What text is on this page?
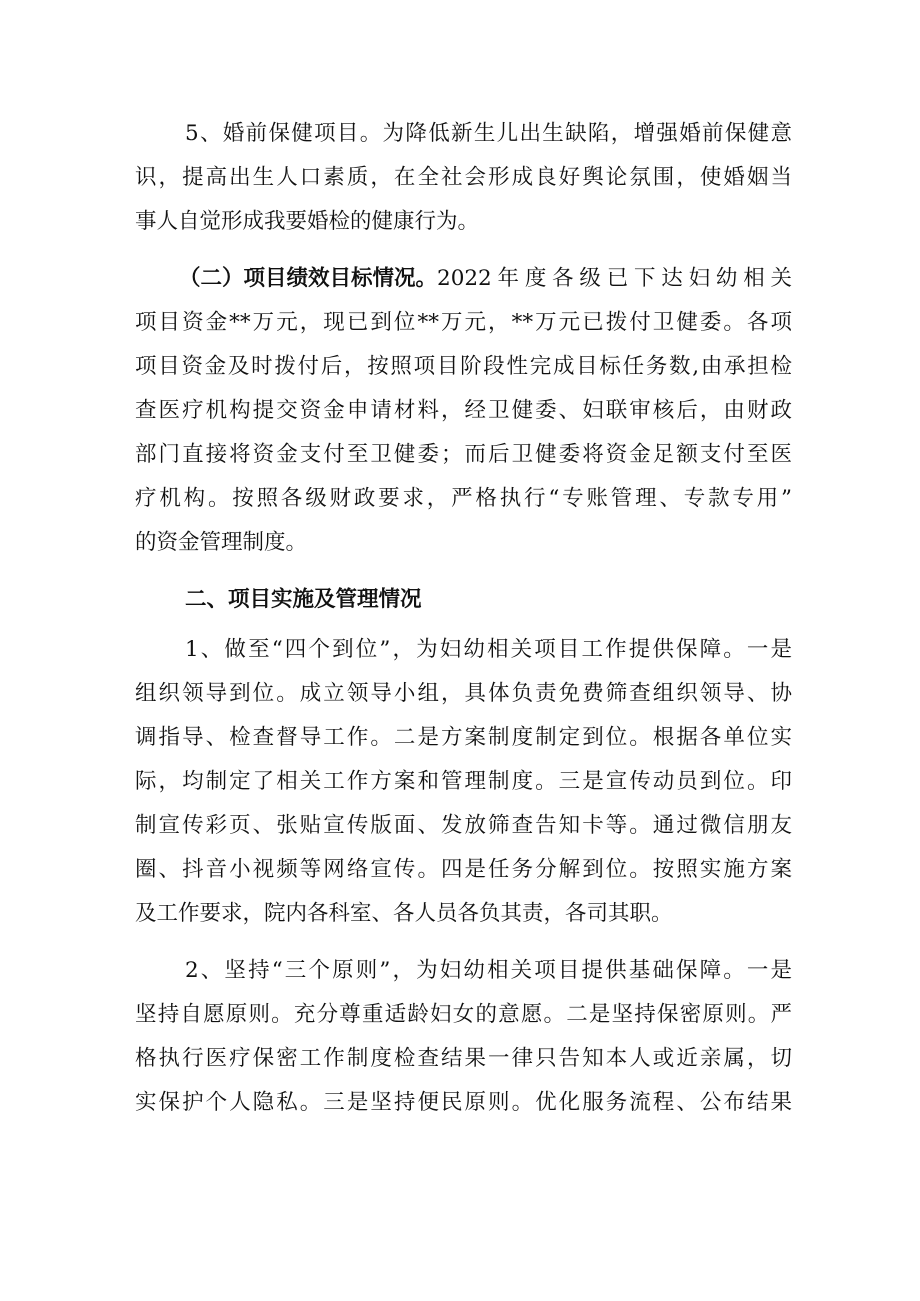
5、婚前保健项目。为降低新生儿出生缺陷，增强婚前保健意
识，提高出生人口素质，在全社会形成良好舆论氛围，使婚姻当
事人自觉形成我要婚检的健康行为。
（二）项目绩效目标情况。 2022年度各级已下达妇幼相关
项目资金**万元，现已到位**万元，**万元已拨付卫健委。各项
项目资金及时拨付后，按照项目阶段性完成目标任务数,由承担检
查医疗机构提交资金申请材料，经卫健委、妇联审核后，由财政
部门直接将资金支付至卫健委；而后卫健委将资金足额支付至医
疗机构。按照各级财政要求，严格执行“专账管理、专款专用”
的资金管理制度。
二、项目实施及管理情况
1、做至“四个到位”，为妇幼相关项目工作提供保障。一是
组织领导到位。成立领导小组，具体负责免费筛查组织领导、协
调指导、检查督导工作。二是方案制度制定到位。根据各单位实
际，均制定了相关工作方案和管理制度。三是宣传动员到位。印
制宣传彩页、张贴宣传版面、发放筛查告知卡等。通过微信朋友
圈、抖音小视频等网络宣传。四是任务分解到位。按照实施方案
及工作要求，院内各科室、各人员各负其责，各司其职。
2、坚持“三个原则”，为妇幼相关项目提供基础保障。一是
坚持自愿原则。充分尊重适龄妇女的意愿。二是坚持保密原则。严
格执行医疗保密工作制度检查结果一律只告知本人或近亲属，切
实保护个人隐私。三是坚持便民原则。优化服务流程、公布结果
